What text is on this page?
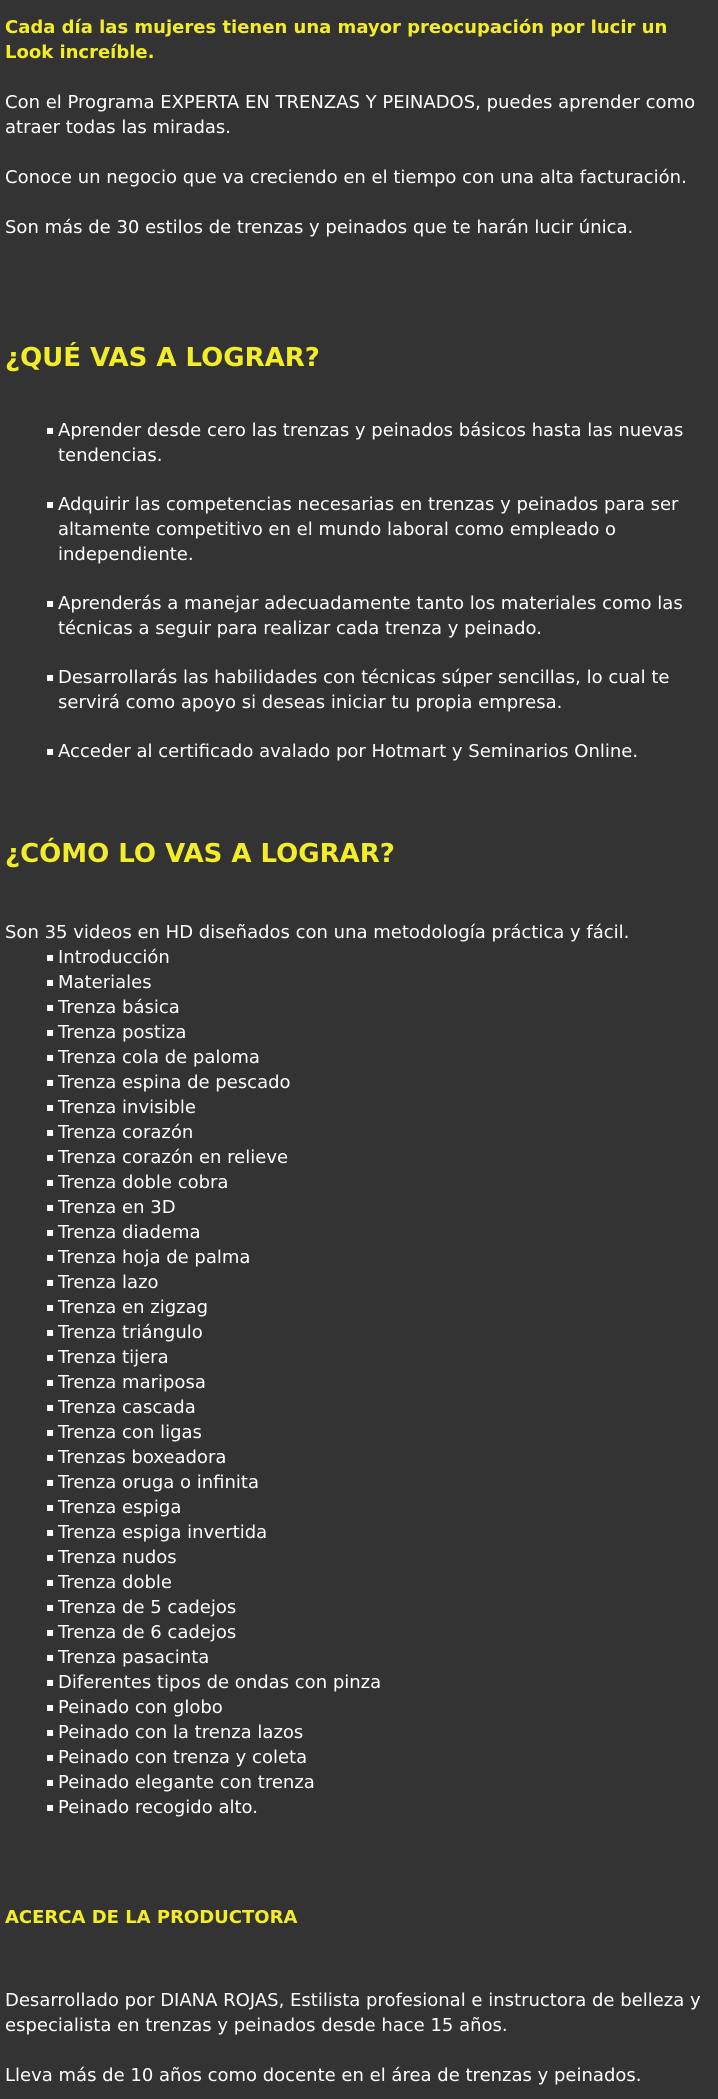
Cada día las mujeres tienen una mayor preocupación por lucir un Look increíble.

Con el Programa EXPERTA EN TRENZAS Y PEINADOS, puedes aprender como atraer todas las miradas.

Conoce un negocio que va creciendo en el tiempo con una alta facturación.

Son más de 30 estilos de trenzas y peinados que te harán lucir única.

¿QUÉ VAS A LOGRAR?
▪ Aprender desde cero las trenzas y peinados básicos hasta las nuevas tendencias.
▪ Adquirir las competencias necesarias en trenzas y peinados para ser altamente competitivo en el mundo laboral como empleado o independiente.
▪ Aprenderás a manejar adecuadamente tanto los materiales como las técnicas a seguir para realizar cada trenza y peinado.
▪ Desarrollarás las habilidades con técnicas súper sencillas, lo cual te servirá como apoyo si deseas iniciar tu propia empresa.
▪ Acceder al certificado avalado por Hotmart y Seminarios Online.
¿CÓMO LO VAS A LOGRAR?

Son 35 videos en HD diseñados con una metodología práctica y fácil.

▪ Introducción
▪ Materiales
▪ Trenza básica
▪ Trenza postiza
▪ Trenza cola de paloma
▪ Trenza espina de pescado
▪ Trenza invisible
▪ Trenza corazón
▪ Trenza corazón en relieve
▪ Trenza doble cobra
▪ Trenza en 3D
▪ Trenza diadema
▪ Trenza hoja de palma
▪ Trenza lazo
▪ Trenza en zigzag
▪ Trenza triángulo
▪ Trenza tijera
▪ Trenza mariposa
▪ Trenza cascada
▪ Trenza con ligas
▪ Trenzas boxeadora
▪ Trenza oruga o infinita
▪ Trenza espiga
▪ Trenza espiga invertida
▪ Trenza nudos
▪ Trenza doble
▪ Trenza de 5 cadejos
▪ Trenza de 6 cadejos
▪ Trenza pasacinta
▪ Diferentes tipos de ondas con pinza
▪ Peinado con globo
▪ Peinado con la trenza lazos
▪ Peinado con trenza y coleta
▪ Peinado elegante con trenza
▪ Peinado recogido alto.
ACERCA DE LA PRODUCTORA

Desarrollado por DIANA ROJAS, Estilista profesional e instructora de belleza y especialista en trenzas y peinados desde hace 15 años.

Lleva más de 10 años como docente en el área de trenzas y peinados.
